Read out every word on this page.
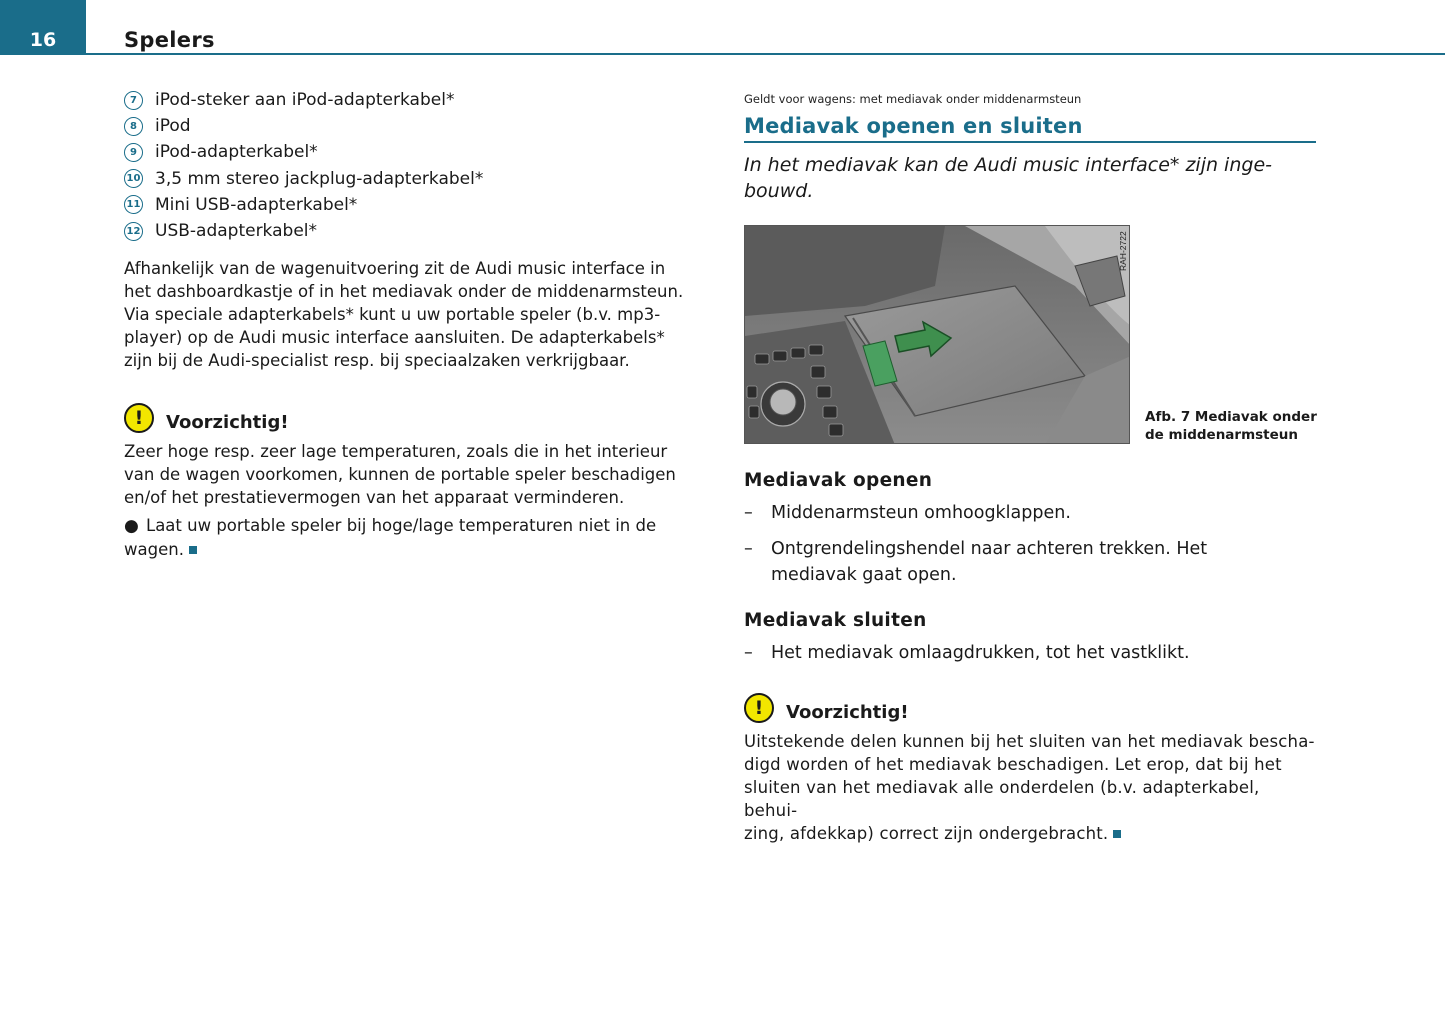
16	Spelers
7	iPod-steker aan iPod-adapterkabel*
8	iPod
9	iPod-adapterkabel*
10 3,5 mm stereo jackplug-adapterkabel*
11 Mini USB-adapterkabel*
12 USB-adapterkabel*

Afhankelijk van de wagenuitvoering zit de Audi music interface in
het dashboardkastje of in het mediavak onder de middenarmsteun.
Via speciale adapterkabels* kunt u uw portable speler (b.v. mp3-
player) op de Audi music interface aansluiten. De adapterkabels*
zijn bij de Audi-specialist resp. bij speciaalzaken verkrijgbaar.

!	Voorzichtig!

Zeer hoge resp. zeer lage temperaturen, zoals die in het interieur
van de wagen voorkomen, kunnen de portable speler beschadigen
en/of het prestatievermogen van het apparaat verminderen.

● Laat uw portable speler bij hoge/lage temperaturen niet in de
wagen.

Geldt voor wagens: met mediavak onder middenarmsteun

Mediavak openen en sluiten

In het mediavak kan de Audi music interface* zijn inge-
bouwd.

RAH-2722
Afb. 7 Mediavak onder
de middenarmsteun
Mediavak openen
–	Middenarmsteun omhoogklappen.
–	Ontgrendelingshendel naar achteren trekken. Het
mediavak gaat open.
Mediavak sluiten
–	Het mediavak omlaagdrukken, tot het vastklikt.
!	Voorzichtig!

Uitstekende delen kunnen bij het sluiten van het mediavak bescha-
digd worden of het mediavak beschadigen. Let erop, dat bij het
sluiten van het mediavak alle onderdelen (b.v. adapterkabel, behui-
zing, afdekkap) correct zijn ondergebracht.
